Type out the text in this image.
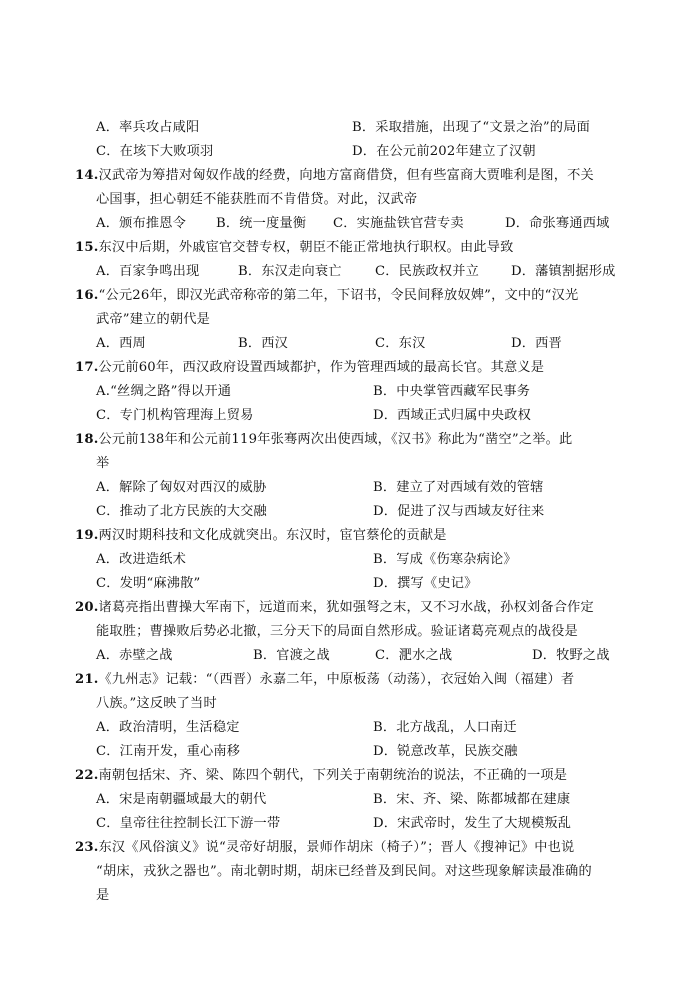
A．率兵攻占咸阳	B．采取措施，出现了“文景之治”的局面
C．在垓下大败项羽	D．在公元前202年建立了汉朝
14.汉武帝为筹措对匈奴作战的经费，向地方富商借贷，但有些富商大贾唯利是图，不关
心国事，担心朝廷不能获胜而不肯借贷。对此，汉武帝
A．颁布推恩令 B．统一度量衡 C．实施盐铁官营专卖	D．命张骞通西域
15.东汉中后期，外戚宦官交替专权，朝臣不能正常地执行职权。由此导致
A．百家争鸣出现	B．东汉走向衰亡	C．民族政权并立 D．藩镇割据形成
16.“公元26年，即汉光武帝称帝的第二年，下诏书，令民间释放奴婢”，文中的“汉光
武帝”建立的朝代是
A．西周	B．西汉	C．东汉	D．西晋
17.公元前60年，西汉政府设置西域都护，作为管理西域的最高长官。其意义是
A.“丝绸之路”得以开通	B．中央掌管西藏军民事务
C．专门机构管理海上贸易	D．西域正式归属中央政权
18.公元前138年和公元前119年张骞两次出使西域，《汉书》称此为“凿空”之举。此
举
A．解除了匈奴对西汉的威胁	B．建立了对西域有效的管辖
C．推动了北方民族的大交融	D．促进了汉与西域友好往来
19.两汉时期科技和文化成就突出。东汉时，宦官蔡伦的贡献是
A．改进造纸术	B．写成《伤寒杂病论》
C．发明“麻沸散”	D．撰写《史记》
20.诸葛亮指出曹操大军南下，远道而来，犹如强弩之末，又不习水战，孙权刘备合作定
能取胜；曹操败后势必北撤，三分天下的局面自然形成。验证诸葛亮观点的战役是
A．赤壁之战	B．官渡之战	C．淝水之战	D．牧野之战
21.《九州志》记载：“（西晋）永嘉二年，中原板荡（动荡），衣冠始入闽（福建）者
八族。”这反映了当时
A．政治清明，生活稳定	B．北方战乱，人口南迁
C．江南开发，重心南移	D．锐意改革，民族交融
22.南朝包括宋、齐、梁、陈四个朝代，下列关于南朝统治的说法，不正确的一项是
A．宋是南朝疆域最大的朝代	B．宋、齐、梁、陈都城都在建康
C．皇帝往往控制长江下游一带	D．宋武帝时，发生了大规模叛乱
23.东汉《风俗演义》说“灵帝好胡服，景师作胡床（椅子）”；晋人《搜神记》中也说
“胡床，戎狄之器也”。南北朝时期，胡床已经普及到民间。对这些现象解读最准确的
是
